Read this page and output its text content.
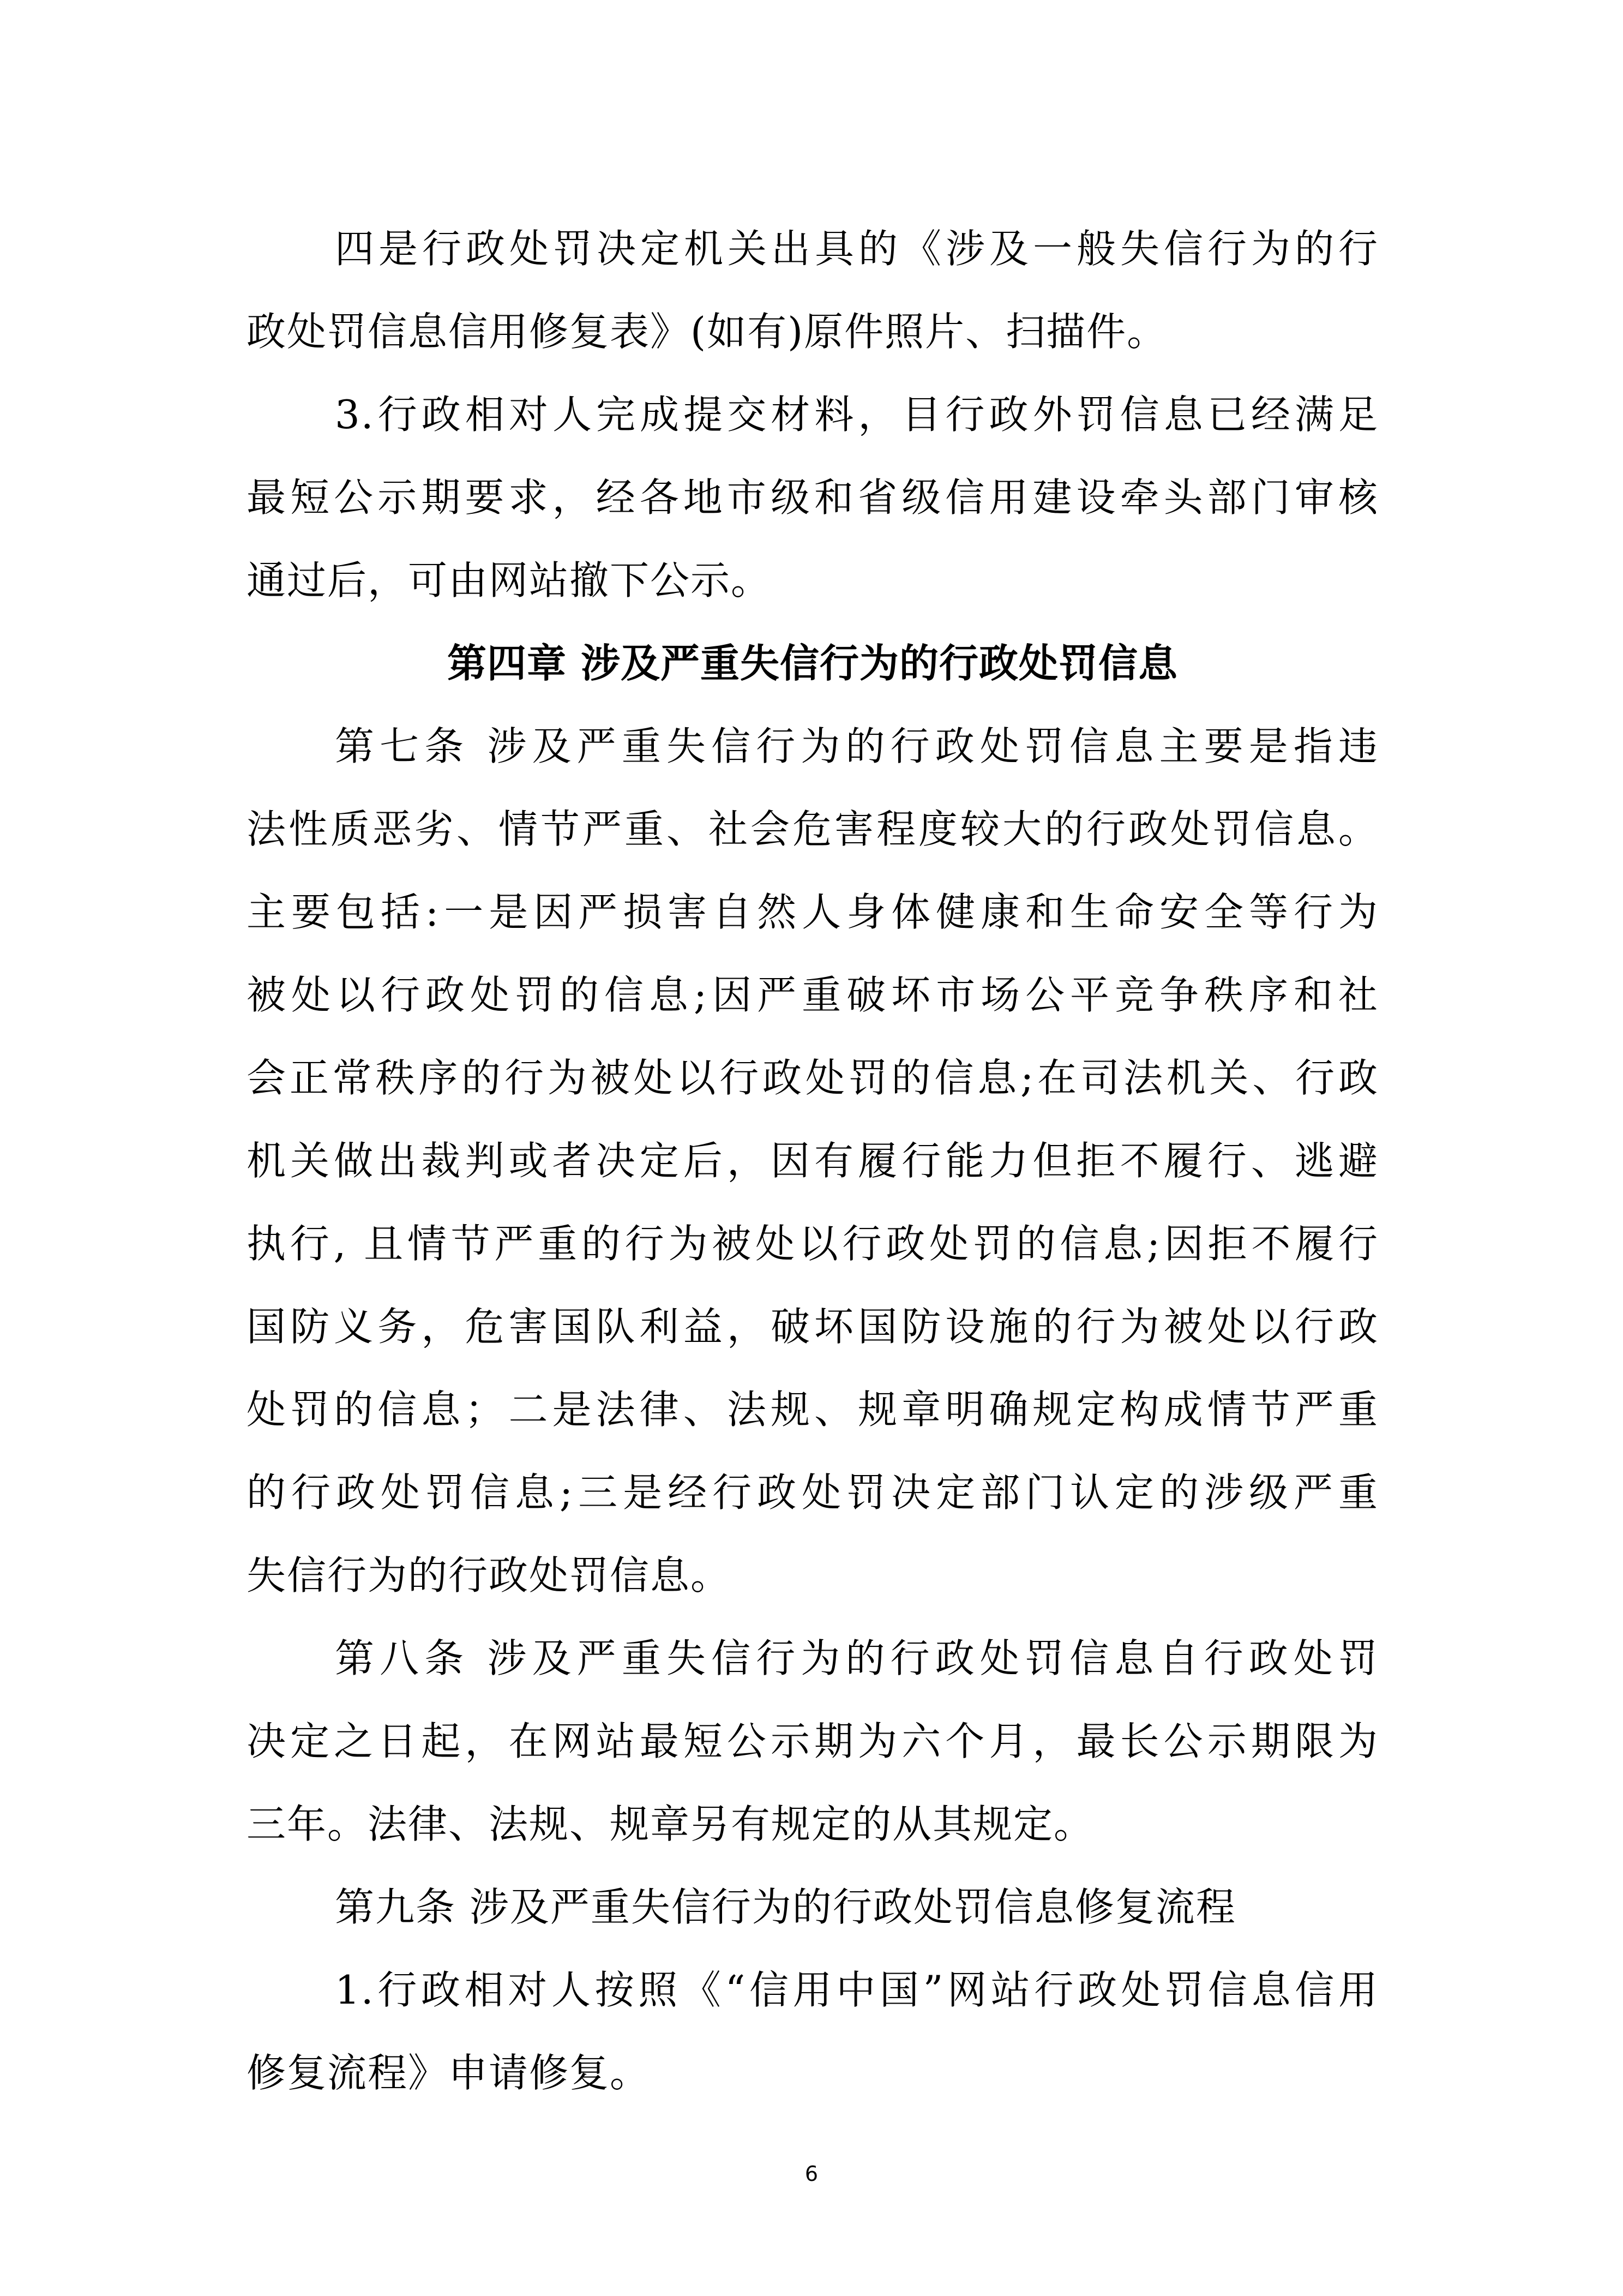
四是行政处罚决定机关出具的《涉及一般失信行为的行
政处罚信息信用修复表》(如有)原件照片、扫描件。
3.行政相对人完成提交材料，目行政外罚信息已经满足
最短公示期要求，经各地市级和省级信用建设牵头部门审核
通过后，可由网站撤下公示。
第四章 涉及严重失信行为的行政处罚信息
第七条 涉及严重失信行为的行政处罚信息主要是指违
法性质恶劣、情节严重、社会危害程度较大的行政处罚信息。
主要包括:一是因严损害自然人身体健康和生命安全等行为
被处以行政处罚的信息;因严重破坏市场公平竞争秩序和社
会正常秩序的行为被处以行政处罚的信息;在司法机关、行政
机关做出裁判或者决定后，因有履行能力但拒不履行、逃避
执行, 且情节严重的行为被处以行政处罚的信息;因拒不履行
国防义务，危害国队利益，破坏国防设施的行为被处以行政
处罚的信息；二是法律、法规、规章明确规定构成情节严重
的行政处罚信息;三是经行政处罚决定部门认定的涉级严重
失信行为的行政处罚信息。
第八条 涉及严重失信行为的行政处罚信息自行政处罚
决定之日起，在网站最短公示期为六个月，最长公示期限为
三年。法律、法规、规章另有规定的从其规定。
第九条 涉及严重失信行为的行政处罚信息修复流程
1.行政相对人按照《“信用中国”网站行政处罚信息信用
修复流程》申请修复。
6
